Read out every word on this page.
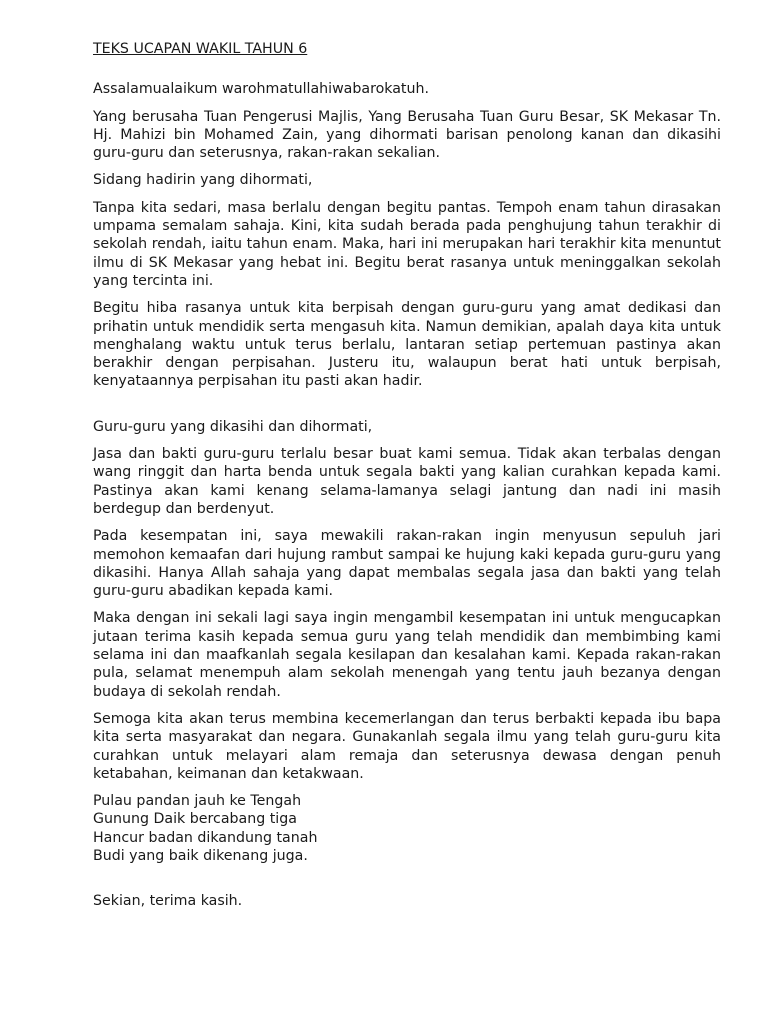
TEKS UCAPAN WAKIL TAHUN 6

Assalamualaikum warohmatullahiwabarokatuh.

Yang berusaha Tuan Pengerusi Majlis, Yang Berusaha Tuan Guru Besar, SK Mekasar Tn. Hj. Mahizi bin Mohamed Zain, yang dihormati barisan penolong kanan dan dikasihi guru-guru dan seterusnya, rakan-rakan sekalian.

Sidang hadirin yang dihormati,

Tanpa kita sedari, masa berlalu dengan begitu pantas. Tempoh enam tahun dirasakan umpama semalam sahaja. Kini, kita sudah berada pada penghujung tahun terakhir di sekolah rendah, iaitu tahun enam. Maka, hari ini merupakan hari terakhir kita menuntut ilmu di SK Mekasar yang hebat ini. Begitu berat rasanya untuk meninggalkan sekolah yang tercinta ini.

Begitu hiba rasanya untuk kita berpisah dengan guru-guru yang amat dedikasi dan prihatin untuk mendidik serta mengasuh kita. Namun demikian, apalah daya kita untuk menghalang waktu untuk terus berlalu, lantaran setiap pertemuan pastinya akan berakhir dengan perpisahan. Justeru itu, walaupun berat hati untuk berpisah, kenyataannya perpisahan itu pasti akan hadir.

Guru-guru yang dikasihi dan dihormati,

Jasa dan bakti guru-guru terlalu besar buat kami semua. Tidak akan terbalas dengan wang ringgit dan harta benda untuk segala bakti yang kalian curahkan kepada kami. Pastinya akan kami kenang selama-lamanya selagi jantung dan nadi ini masih berdegup dan berdenyut.

Pada kesempatan ini, saya mewakili rakan-rakan ingin menyusun sepuluh jari memohon kemaafan dari hujung rambut sampai ke hujung kaki kepada guru-guru yang dikasihi. Hanya Allah sahaja yang dapat membalas segala jasa dan bakti yang telah guru-guru abadikan kepada kami.

Maka dengan ini sekali lagi saya ingin mengambil kesempatan ini untuk mengucapkan jutaan terima kasih kepada semua guru yang telah mendidik dan membimbing kami selama ini dan maafkanlah segala kesilapan dan kesalahan kami. Kepada rakan-rakan pula, selamat menempuh alam sekolah menengah yang tentu jauh bezanya dengan budaya di sekolah rendah.

Semoga kita akan terus membina kecemerlangan dan terus berbakti kepada ibu bapa kita serta masyarakat dan negara. Gunakanlah segala ilmu yang telah guru-guru kita curahkan untuk melayari alam remaja dan seterusnya dewasa dengan penuh ketabahan, keimanan dan ketakwaan.

Pulau pandan jauh ke Tengah
Gunung Daik bercabang tiga
Hancur badan dikandung tanah
Budi yang baik dikenang juga.

Sekian, terima kasih.
